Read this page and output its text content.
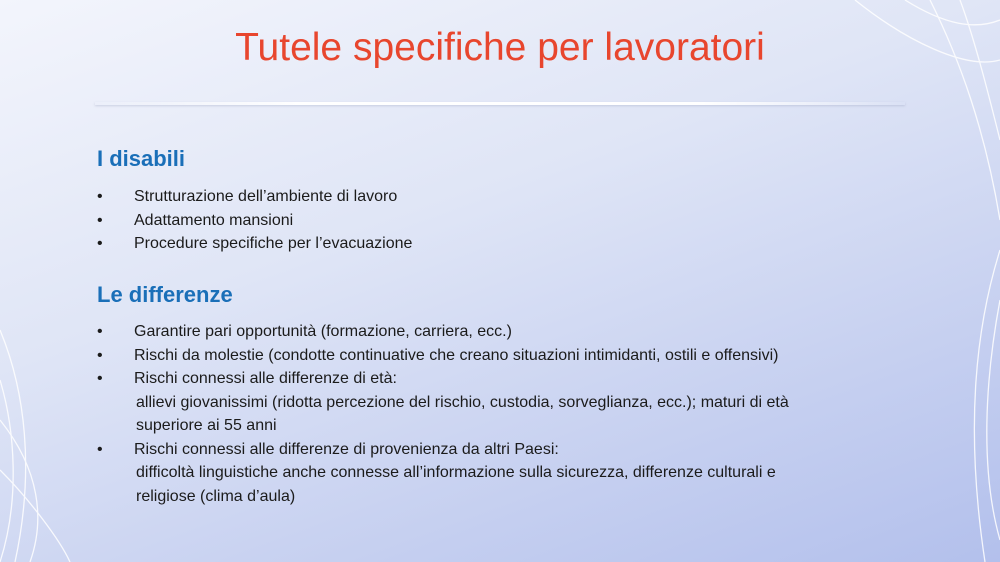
Tutele specifiche per lavoratori
I disabili
• Strutturazione dell’ambiente di lavoro
• Adattamento mansioni
• Procedure specifiche per l’evacuazione
Le differenze
• Garantire pari opportunità (formazione, carriera, ecc.)
• Rischi da molestie (condotte continuative che creano situazioni intimidanti, ostili e offensivi)
• Rischi connessi alle differenze di età:
allievi giovanissimi (ridotta percezione del rischio, custodia, sorveglianza, ecc.); maturi di età
superiore ai 55 anni
• Rischi connessi alle differenze di provenienza da altri Paesi:
difficoltà linguistiche anche connesse all’informazione sulla sicurezza, differenze culturali e
religiose (clima d’aula)
